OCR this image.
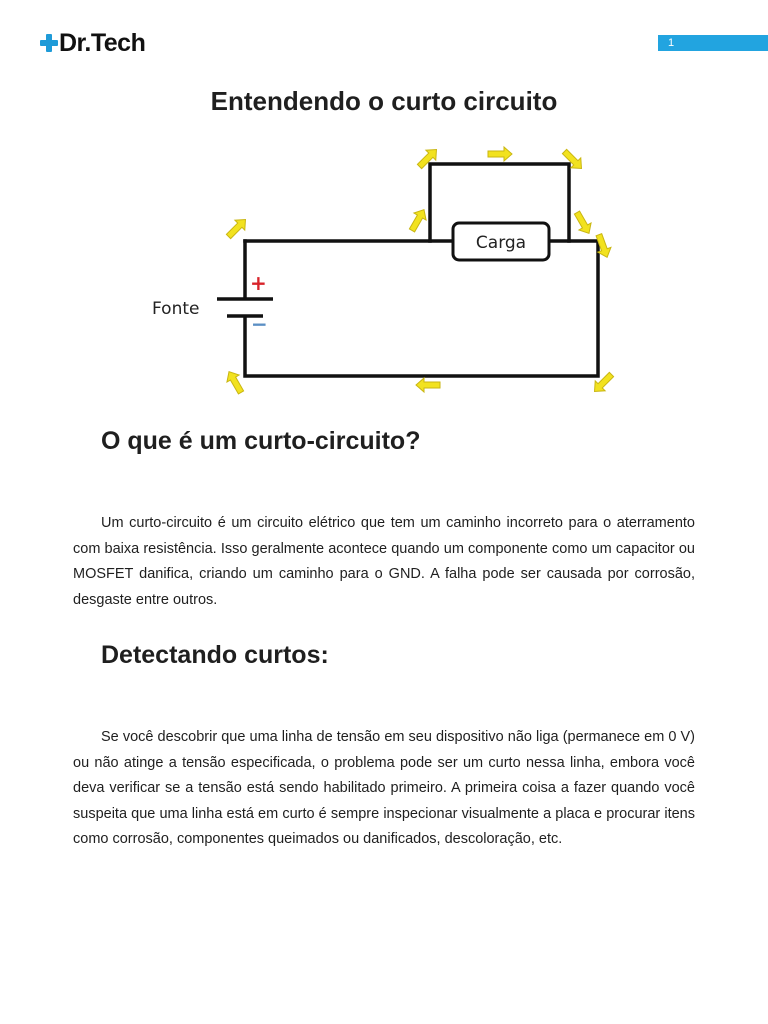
Dr.Tech	1
Entendendo o curto circuito
+
−
Fonte
Carga
O que é um curto-circuito?

Um curto-circuito é um circuito elétrico que tem um caminho incorreto para o aterramento com baixa resistência. Isso geralmente acontece quando um componente como um capacitor ou MOSFET danifica, criando um caminho para o GND. A falha pode ser causada por corrosão, desgaste entre outros.

Detectando curtos:

Se você descobrir que uma linha de tensão em seu dispositivo não liga (permanece em 0 V) ou não atinge a tensão especificada, o problema pode ser um curto nessa linha, embora você deva verificar se a tensão está sendo habilitado primeiro. A primeira coisa a fazer quando você suspeita que uma linha está em curto é sempre inspecionar visualmente a placa e procurar itens como corrosão, componentes queimados ou danificados, descoloração, etc.
